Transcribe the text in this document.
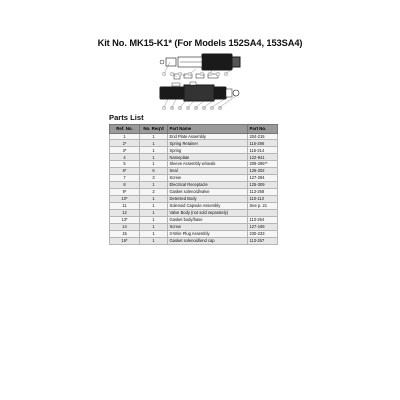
Kit No. MK15-K1* (For Models 152SA4, 153SA4)
1	2	3	4	5	6	7	8
9	10	11	12	13	14	15	16
Parts List
Ref. No.	No. Req'd	Part Name	Part No.
1	1	End Plate Assembly	204-215
2*	1	Spring Retainer	116-286
3*	1	Spring	115-214
4	1	Nameplate	122-941
5	1	Sleeve Assembly w/seals	209-286**
6*	6	Seal	126-202
7	3	Screw	127-294
8	1	Electrical Receptacle	125-309
9*	2	Gasket solenoid/valve	113-268
10*	1	Detented Body	110-113
11	1	Solenoid Capsule Assembly	See p. 21
12	1	Valve Body (not sold separately)	
13*	1	Gasket body/base	113-264
14	1	Screw	127-169
15	1	3-Wire Plug Assembly	230-233
16*	1	Gasket solenoid/end cap	113-267
